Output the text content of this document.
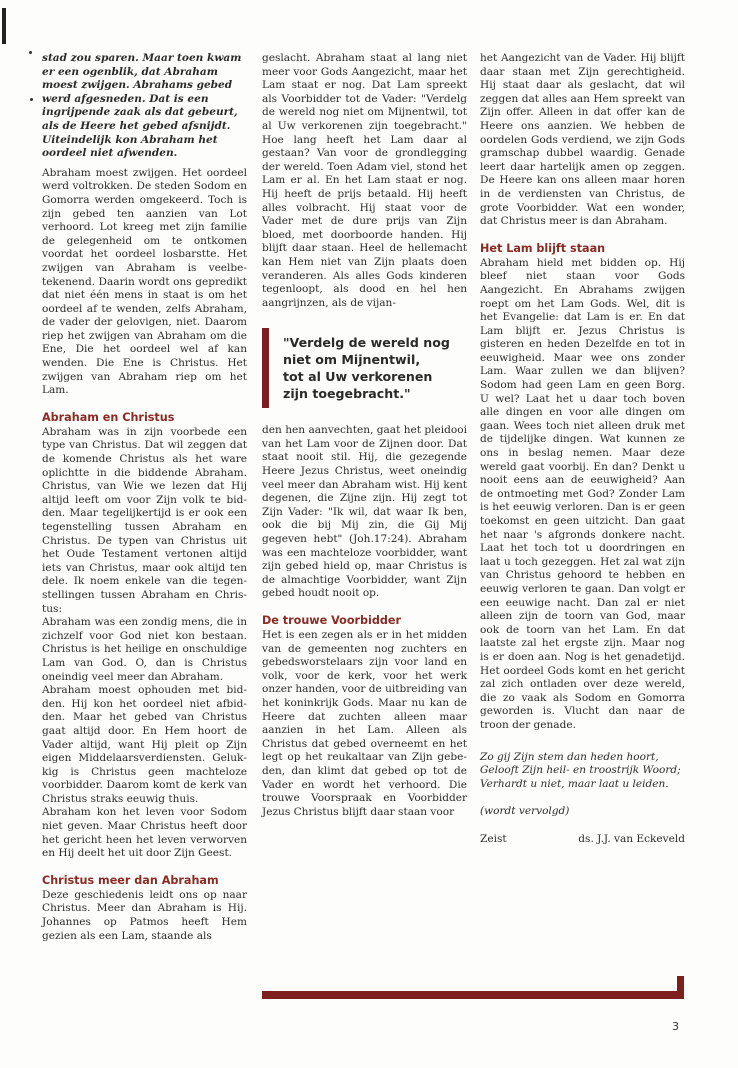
stad zou sparen. Maar toen kwam er een ogenblik, dat Abraham moest zwijgen. Abrahams gebed werd afgesneden. Dat is een ingrijpende zaak als dat gebeurt, als de Heere het gebed afsnijdt. Uiteindelijk kon Abraham het oordeel niet afwenden.

Abraham moest zwijgen. Het oordeel werd voltrokken. De steden Sodom en Gomorra werden omgekeerd. Toch is zijn gebed ten aanzien van Lot verhoord. Lot kreeg met zijn familie de gelegenheid om te ontkomen voordat het oordeel losbarstte. Het zwijgen van Abraham is veelbetekenend. Daarin wordt ons gepredikt dat niet één mens in staat is om het oordeel af te wenden, zelfs Abraham, de vader der gelovigen, niet. Daarom riep het zwijgen van Abraham om die Ene, Die het oordeel wel af kan wenden. Die Ene is Christus. Het zwijgen van Abraham riep om het Lam.

Abraham en Christus

Abraham was in zijn voorbede een type van Christus. Dat wil zeggen dat de komende Christus als het ware oplichtte in die biddende Abraham. Christus, van Wie we lezen dat Hij altijd leeft om voor Zijn volk te bidden. Maar tegelijkertijd is er ook een tegenstelling tussen Abraham en Christus. De typen van Christus uit het Oude Testament vertonen altijd iets van Christus, maar ook altijd ten dele. Ik noem enkele van die tegenstellingen tussen Abraham en Christus:

Abraham was een zondig mens, die in zichzelf voor God niet kon bestaan. Christus is het heilige en onschuldige Lam van God. O, dan is Christus oneindig veel meer dan Abraham.

Abraham moest ophouden met bidden. Hij kon het oordeel niet afbidden. Maar het gebed van Christus gaat altijd door. En Hem hoort de Vader altijd, want Hij pleit op Zijn eigen Middelaarsverdiensten. Gelukkig is Christus geen machteloze voorbidder. Daarom komt de kerk van Christus straks eeuwig thuis.

Abraham kon het leven voor Sodom niet geven. Maar Christus heeft door het gericht heen het leven verworven en Hij deelt het uit door Zijn Geest.

Christus meer dan Abraham

Deze geschiedenis leidt ons op naar Christus. Meer dan Abraham is Hij. Johannes op Patmos heeft Hem gezien als een Lam, staande als

geslacht. Abraham staat al lang niet meer voor Gods Aangezicht, maar het Lam staat er nog. Dat Lam spreekt als Voorbidder tot de Vader: "Verdelg de wereld nog niet om Mijnentwil, tot al Uw verkorenen zijn toegebracht." Hoe lang heeft het Lam daar al gestaan? Van voor de grondlegging der wereld. Toen Adam viel, stond het Lam er al. En het Lam staat er nog. Hij heeft de prijs betaald. Hij heeft alles volbracht. Hij staat voor de Vader met de dure prijs van Zijn bloed, met doorboorde handen. Hij blijft daar staan. Heel de hellemacht kan Hem niet van Zijn plaats doen veranderen. Als alles Gods kinderen tegenloopt, als dood en hel hen aangrijnzen, als de vijan-

"Verdelg de wereld nog
niet om Mijnentwil,
tot al Uw verkorenen
zijn toegebracht."

den hen aanvechten, gaat het pleidooi van het Lam voor de Zijnen door. Dat staat nooit stil. Hij, die gezegende Heere Jezus Christus, weet oneindig veel meer dan Abraham wist. Hij kent degenen, die Zijne zijn. Hij zegt tot Zijn Vader: "Ik wil, dat waar Ik ben, ook die bij Mij zin, die Gij Mij gegeven hebt" (Joh.17:24). Abraham was een machteloze voorbidder, want zijn gebed hield op, maar Christus is de almachtige Voorbidder, want Zijn gebed houdt nooit op.

De trouwe Voorbidder

Het is een zegen als er in het midden van de gemeenten nog zuchters en gebedsworstelaars zijn voor land en volk, voor de kerk, voor het werk onzer handen, voor de uitbreiding van het koninkrijk Gods. Maar nu kan de Heere dat zuchten alleen maar aanzien in het Lam. Alleen als Christus dat gebed overneemt en het legt op het reukaltaar van Zijn gebeden, dan klimt dat gebed op tot de Vader en wordt het verhoord. Die trouwe Voorspraak en Voorbidder Jezus Christus blijft daar staan voor

het Aangezicht van de Vader. Hij blijft daar staan met Zijn gerechtigheid. Hij staat daar als geslacht, dat wil zeggen dat alles aan Hem spreekt van Zijn offer. Alleen in dat offer kan de Heere ons aanzien. We hebben de oordelen Gods verdiend, we zijn Gods gramschap dubbel waardig. Genade leert daar hartelijk amen op zeggen. De Heere kan ons alleen maar horen in de verdiensten van Christus, de grote Voorbidder. Wat een wonder, dat Christus meer is dan Abraham.

Het Lam blijft staan

Abraham hield met bidden op. Hij bleef niet staan voor Gods Aangezicht. En Abrahams zwijgen roept om het Lam Gods. Wel, dit is het Evangelie: dat Lam is er. En dat Lam blijft er. Jezus Christus is gisteren en heden Dezelfde en tot in eeuwigheid. Maar wee ons zonder Lam. Waar zullen we dan blijven? Sodom had geen Lam en geen Borg. U wel? Laat het u daar toch boven alle dingen en voor alle dingen om gaan. Wees toch niet alleen druk met de tijdelijke dingen. Wat kunnen ze ons in beslag nemen. Maar deze wereld gaat voorbij. En dan? Denkt u nooit eens aan de eeuwigheid? Aan de ontmoeting met God? Zonder Lam is het eeuwig verloren. Dan is er geen toekomst en geen uitzicht. Dan gaat het naar 's afgronds donkere nacht. Laat het toch tot u doordringen en laat u toch gezeggen. Het zal wat zijn van Christus gehoord te hebben en eeuwig verloren te gaan. Dan volgt er een eeuwige nacht. Dan zal er niet alleen zijn de toorn van God, maar ook de toorn van het Lam. En dat laatste zal het ergste zijn. Maar nog is er doen aan. Nog is het genadetijd. Het oordeel Gods komt en het gericht zal zich ontladen over deze wereld, die zo vaak als Sodom en Gomorra geworden is. Vlucht dan naar de troon der genade.

Zo gij Zijn stem dan heden hoort,

Gelooft Zijn heil- en troostrijk Woord;

Verhardt u niet, maar laat u leiden.

(wordt vervolgd)

Zeist	ds. J.J. van Eckeveld
3
